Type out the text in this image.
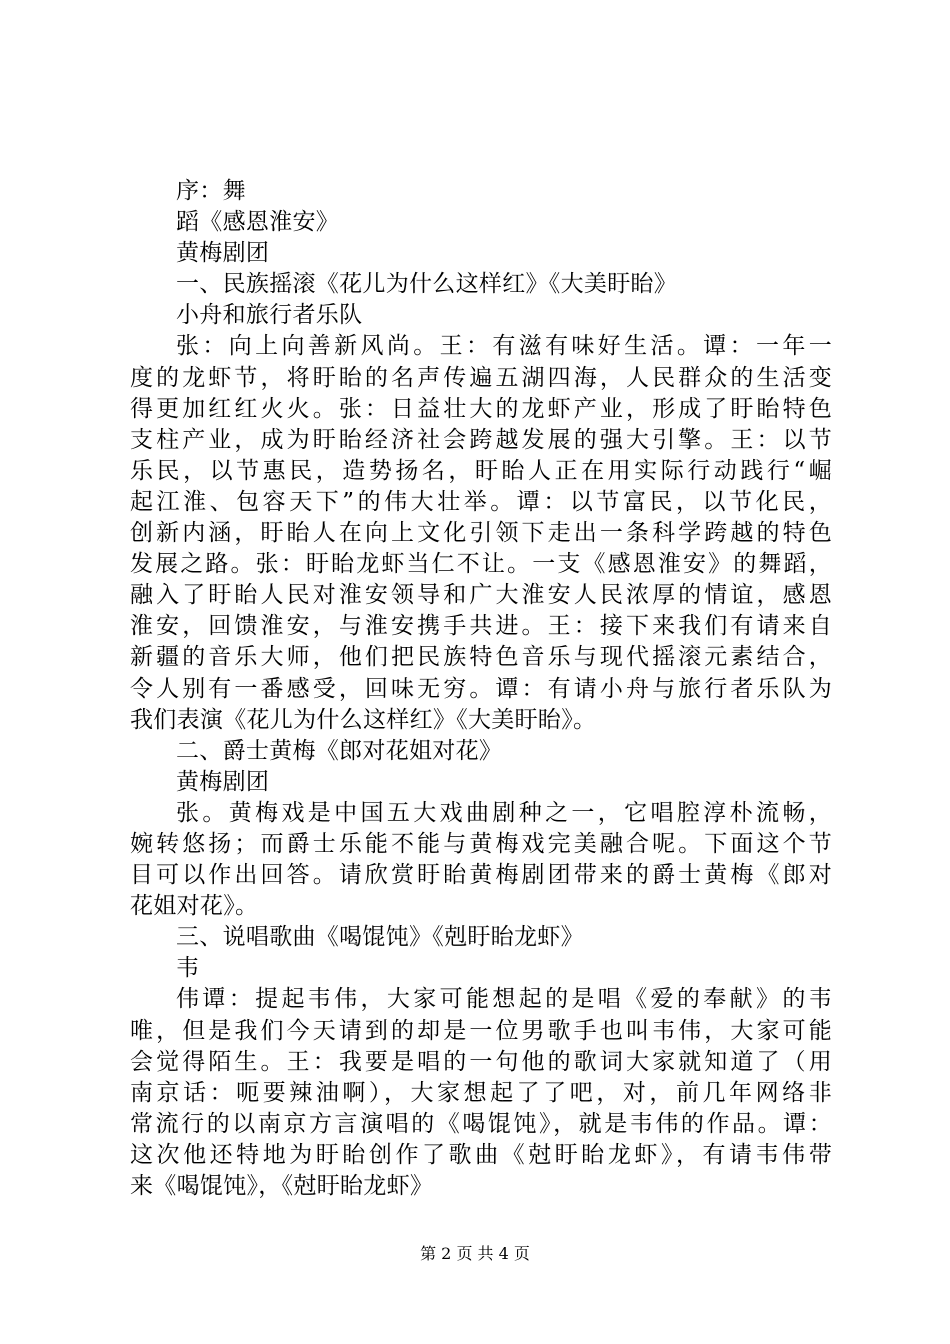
序：舞
蹈《感恩淮安》
黄梅剧团
一、民族摇滚《花儿为什么这样红》《大美盱眙》
小舟和旅行者乐队
张：向上向善新风尚。王：有滋有味好生活。谭：一年一
度的龙虾节，将盱眙的名声传遍五湖四海，人民群众的生活变
得更加红红火火。张：日益壮大的龙虾产业，形成了盱眙特色
支柱产业，成为盱眙经济社会跨越发展的强大引擎。王：以节
乐民，以节惠民，造势扬名，盱眙人正在用实际行动践行“崛
起江淮、包容天下”的伟大壮举。谭：以节富民，以节化民，
创新内涵，盱眙人在向上文化引领下走出一条科学跨越的特色
发展之路。张：盱眙龙虾当仁不让。一支《感恩淮安》的舞蹈，
融入了盱眙人民对淮安领导和广大淮安人民浓厚的情谊，感恩
淮安，回馈淮安，与淮安携手共进。王：接下来我们有请来自
新疆的音乐大师，他们把民族特色音乐与现代摇滚元素结合，
令人别有一番感受，回味无穷。谭：有请小舟与旅行者乐队为
我们表演《花儿为什么这样红》《大美盱眙》。
二、爵士黄梅《郎对花姐对花》
黄梅剧团
张。黄梅戏是中国五大戏曲剧种之一，它唱腔淳朴流畅，
婉转悠扬；而爵士乐能不能与黄梅戏完美融合呢。下面这个节
目可以作出回答。请欣赏盱眙黄梅剧团带来的爵士黄梅《郎对
花姐对花》。
三、说唱歌曲《喝馄饨》《剋盱眙龙虾》
韦
伟谭：提起韦伟，大家可能想起的是唱《爱的奉献》的韦
唯，但是我们今天请到的却是一位男歌手也叫韦伟，大家可能
会觉得陌生。王：我要是唱的一句他的歌词大家就知道了（用
南京话：呃要辣油啊），大家想起了了吧，对，前几年网络非
常流行的以南京方言演唱的《喝馄饨》，就是韦伟的作品。谭：
这次他还特地为盱眙创作了歌曲《尅盱眙龙虾》，有请韦伟带
来《喝馄饨》，《尅盱眙龙虾》
第 2 页 共 4 页
